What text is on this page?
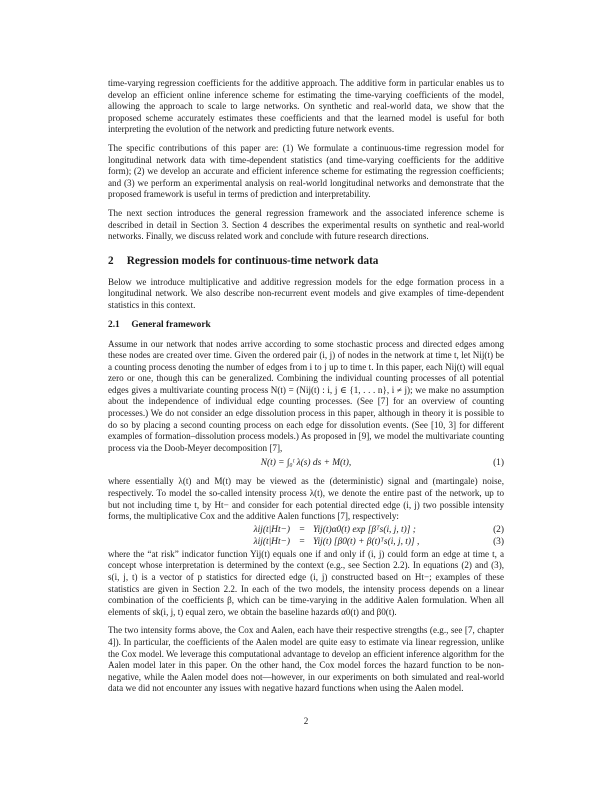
time-varying regression coefficients for the additive approach. The additive form in particular enables us to develop an efficient online inference scheme for estimating the time-varying coefficients of the model, allowing the approach to scale to large networks. On synthetic and real-world data, we show that the proposed scheme accurately estimates these coefficients and that the learned model is useful for both interpreting the evolution of the network and predicting future network events.

The specific contributions of this paper are: (1) We formulate a continuous-time regression model for longitudinal network data with time-dependent statistics (and time-varying coefficients for the additive form); (2) we develop an accurate and efficient inference scheme for estimating the regression coefficients; and (3) we perform an experimental analysis on real-world longitudinal networks and demonstrate that the proposed framework is useful in terms of prediction and interpretability.

The next section introduces the general regression framework and the associated inference scheme is described in detail in Section 3. Section 4 describes the experimental results on synthetic and real-world networks. Finally, we discuss related work and conclude with future research directions.

2 Regression models for continuous-time network data

Below we introduce multiplicative and additive regression models for the edge formation process in a longitudinal network. We also describe non-recurrent event models and give examples of time-dependent statistics in this context.

2.1 General framework

Assume in our network that nodes arrive according to some stochastic process and directed edges among these nodes are created over time. Given the ordered pair (i, j) of nodes in the network at time t, let Nij(t) be a counting process denoting the number of edges from i to j up to time t. In this paper, each Nij(t) will equal zero or one, though this can be generalized. Combining the individual counting processes of all potential edges gives a multivariate counting process N(t) = (Nij(t) : i, j ∈ {1, . . . n}, i ≠ j); we make no assumption about the independence of individual edge counting processes. (See [7] for an overview of counting processes.) We do not consider an edge dissolution process in this paper, although in theory it is possible to do so by placing a second counting process on each edge for dissolution events. (See [10, 3] for different examples of formation–dissolution process models.) As proposed in [9], we model the multivariate counting process via the Doob-Meyer decomposition [7],

N(t) = ∫₀ᵗ λ(s) ds + M(t),	(1)

where essentially λ(t) and M(t) may be viewed as the (deterministic) signal and (martingale) noise, respectively. To model the so-called intensity process λ(t), we denote the entire past of the network, up to but not including time t, by Ht− and consider for each potential directed edge (i, j) two possible intensity forms, the multiplicative Cox and the additive Aalen functions [7], respectively:

λij(t|Ht−) = Yij(t)α0(t) exp [βᵀs(i, j, t)] ;	(2)
λij(t|Ht−) = Yij(t) [β0(t) + β(t)ᵀs(i, j, t)] ,	(3)

where the “at risk” indicator function Yij(t) equals one if and only if (i, j) could form an edge at time t, a concept whose interpretation is determined by the context (e.g., see Section 2.2). In equations (2) and (3), s(i, j, t) is a vector of p statistics for directed edge (i, j) constructed based on Ht−; examples of these statistics are given in Section 2.2. In each of the two models, the intensity process depends on a linear combination of the coefficients β, which can be time-varying in the additive Aalen formulation. When all elements of sk(i, j, t) equal zero, we obtain the baseline hazards α0(t) and β0(t).

The two intensity forms above, the Cox and Aalen, each have their respective strengths (e.g., see [7, chapter 4]). In particular, the coefficients of the Aalen model are quite easy to estimate via linear regression, unlike the Cox model. We leverage this computational advantage to develop an efficient inference algorithm for the Aalen model later in this paper. On the other hand, the Cox model forces the hazard function to be non-negative, while the Aalen model does not—however, in our experiments on both simulated and real-world data we did not encounter any issues with negative hazard functions when using the Aalen model.

2
